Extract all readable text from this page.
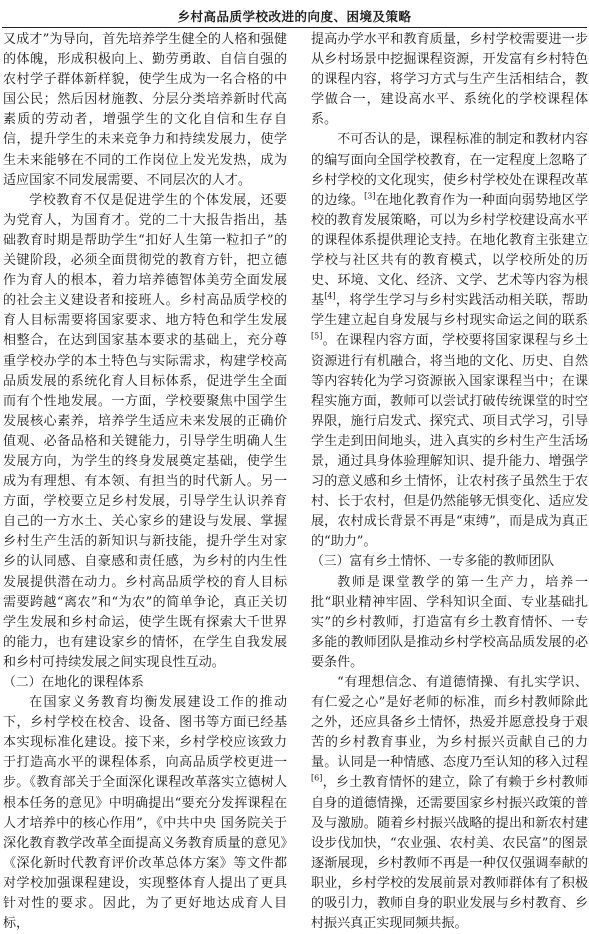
乡村高品质学校改进的向度、困境及策略

又成才”为导向，首先培养学生健全的人格和强健的体魄，形成积极向上、勤劳勇敢、自信自强的农村学子群体新样貌，使学生成为一名合格的中国公民；然后因材施教、分层分类培养新时代高素质的劳动者，增强学生的文化自信和生存自信，提升学生的未来竞争力和持续发展力，使学生未来能够在不同的工作岗位上发光发热，成为适应国家不同发展需要、不同层次的人才。

学校教育不仅是促进学生的个体发展，还要为党育人，为国育才。党的二十大报告指出，基础教育时期是帮助学生“扣好人生第一粒扣子”的关键阶段，必须全面贯彻党的教育方针，把立德作为育人的根本，着力培养德智体美劳全面发展的社会主义建设者和接班人。乡村高品质学校的育人目标需要将国家要求、地方特色和学生发展相整合，在达到国家基本要求的基础上，充分尊重学校办学的本土特色与实际需求，构建学校高品质发展的系统化育人目标体系，促进学生全面而有个性地发展。一方面，学校要聚焦中国学生发展核心素养，培养学生适应未来发展的正确价值观、必备品格和关键能力，引导学生明确人生发展方向，为学生的终身发展奠定基础，使学生成为有理想、有本领、有担当的时代新人。另一方面，学校要立足乡村发展，引导学生认识养育自己的一方水土、关心家乡的建设与发展、掌握乡村生产生活的新知识与新技能，提升学生对家乡的认同感、自豪感和责任感，为乡村的内生性发展提供潜在动力。乡村高品质学校的育人目标需要跨越“离农”和“为农”的简单争论，真正关切学生发展和乡村命运，使学生既有探索大千世界的能力，也有建设家乡的情怀，在学生自我发展和乡村可持续发展之间实现良性互动。

（二）在地化的课程体系

在国家义务教育均衡发展建设工作的推动下，乡村学校在校舍、设备、图书等方面已经基本实现标准化建设。接下来，乡村学校应该致力于打造高水平的课程体系，向高品质学校更进一步。《教育部关于全面深化课程改革落实立德树人根本任务的意见》中明确提出“要充分发挥课程在人才培养中的核心作用”，《中共中央 国务院关于深化教育教学改革全面提高义务教育质量的意见》《深化新时代教育评价改革总体方案》等文件都对学校加强课程建设，实现整体育人提出了更具针对性的要求。因此，为了更好地达成育人目标，

提高办学水平和教育质量，乡村学校需要进一步从乡村场景中挖掘课程资源，开发富有乡村特色的课程内容，将学习方式与生产生活相结合，教学做合一，建设高水平、系统化的学校课程体系。

不可否认的是，课程标准的制定和教材内容的编写面向全国学校教育，在一定程度上忽略了乡村学校的文化现实，使乡村学校处在课程改革的边缘。[3]在地化教育作为一种面向弱势地区学校的教育发展策略，可以为乡村学校建设高水平的课程体系提供理论支持。在地化教育主张建立学校与社区共有的教育模式，以学校所处的历史、环境、文化、经济、文学、艺术等内容为根基[4]，将学生学习与乡村实践活动相关联，帮助学生建立起自身发展与乡村现实命运之间的联系[5]。在课程内容方面，学校要将国家课程与乡土资源进行有机融合，将当地的文化、历史、自然等内容转化为学习资源嵌入国家课程当中；在课程实施方面，教师可以尝试打破传统课堂的时空界限，施行启发式、探究式、项目式学习，引导学生走到田间地头，进入真实的乡村生产生活场景，通过具身体验理解知识、提升能力、增强学习的意义感和乡土情怀，让农村孩子虽然生于农村、长于农村，但是仍然能够无惧变化、适应发展，农村成长背景不再是“束缚”，而是成为真正的“助力”。

（三）富有乡土情怀、一专多能的教师团队

教师是课堂教学的第一生产力，培养一批“职业精神牢固、学科知识全面、专业基础扎实”的乡村教师，打造富有乡土教育情怀、一专多能的教师团队是推动乡村学校高品质发展的必要条件。

“有理想信念、有道德情操、有扎实学识、有仁爱之心”是好老师的标准，而乡村教师除此之外，还应具备乡土情怀，热爱并愿意投身于艰苦的乡村教育事业，为乡村振兴贡献自己的力量。认同是一种情感、态度乃至认知的移入过程[6]，乡土教育情怀的建立，除了有赖于乡村教师自身的道德情操，还需要国家乡村振兴政策的普及与激励。随着乡村振兴战略的提出和新农村建设步伐加快，“农业强、农村美、农民富”的图景逐渐展现，乡村教师不再是一种仅仅强调奉献的职业，乡村学校的发展前景对教师群体有了积极的吸引力，教师自身的职业发展与乡村教育、乡村振兴真正实现同频共振。
